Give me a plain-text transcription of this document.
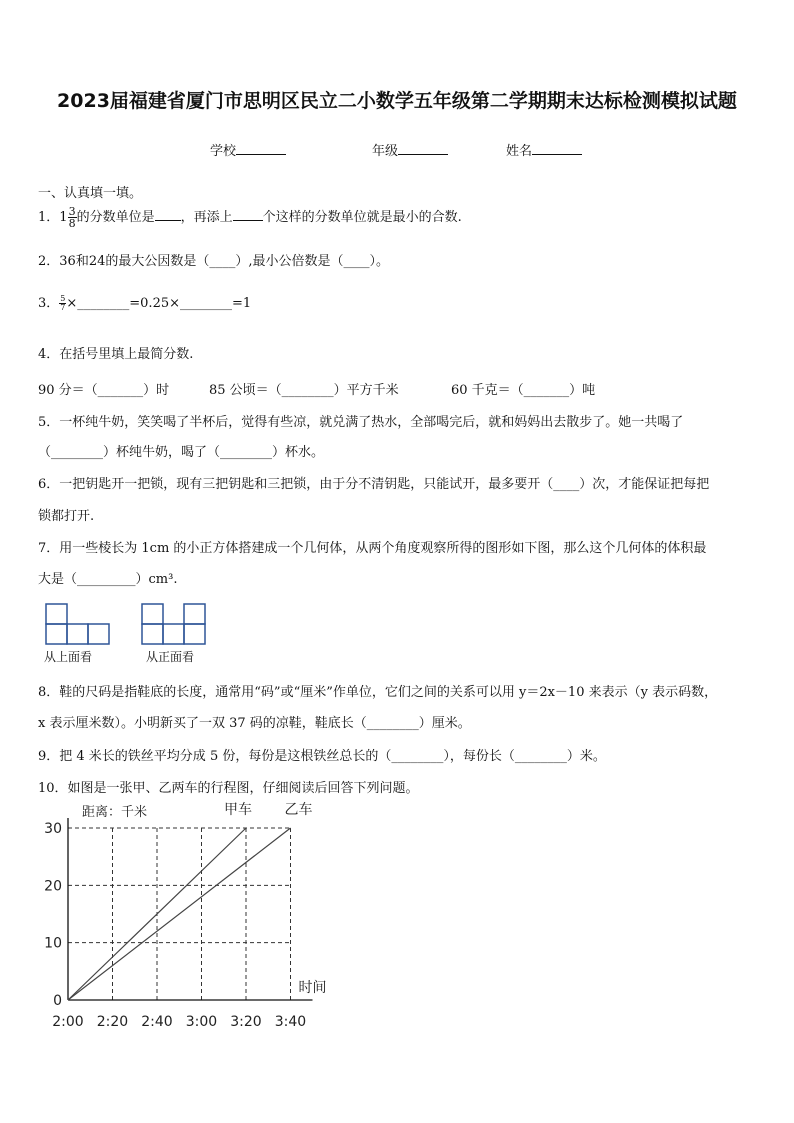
2023届福建省厦门市思明区民立二小数学五年级第二学期期末达标检测模拟试题
学校	年级	姓名
一、认真填一填。
1．$1 \frac{3}{8}$ 的分数单位是 ，再添上 个这样的分数单位就是最小的合数.
2．36和24的最大公因数是（____）,最小公倍数是（____）。
3． $\frac{5}{7}$ ×________=0.25×________=1
4．在括号里填上最简分数.
90 分＝（_______）时	85 公顷＝（________）平方千米	60 千克＝（_______）吨
5．一杯纯牛奶，笑笑喝了半杯后，觉得有些凉，就兑满了热水，全部喝完后，就和妈妈出去散步了。她一共喝了
（________）杯纯牛奶，喝了（________）杯水。
6．一把钥匙开一把锁，现有三把钥匙和三把锁，由于分不清钥匙，只能试开，最多要开（____）次，才能保证把每把
锁都打开.
7．用一些棱长为 1cm 的小正方体搭建成一个几何体，从两个角度观察所得的图形如下图，那么这个几何体的体积最
大是（_________）cm³.
从上面看	从正面看
8．鞋的尺码是指鞋底的长度，通常用“码”或“厘米”作单位，它们之间的关系可以用 y＝2x－10 来表示（y 表示码数，
x 表示厘米数）。小明新买了一双 37 码的凉鞋，鞋底长（________）厘米。
9．把 4 米长的铁丝平均分成 5 份，每份是这根铁丝总长的（________），每份长（________）米。
10．如图是一张甲、乙两车的行程图，仔细阅读后回答下列问题。
2:00 2:20 2:40 3:00 3:20 3:40
0
10
20
30
甲车 乙车
距离：千米
时间
